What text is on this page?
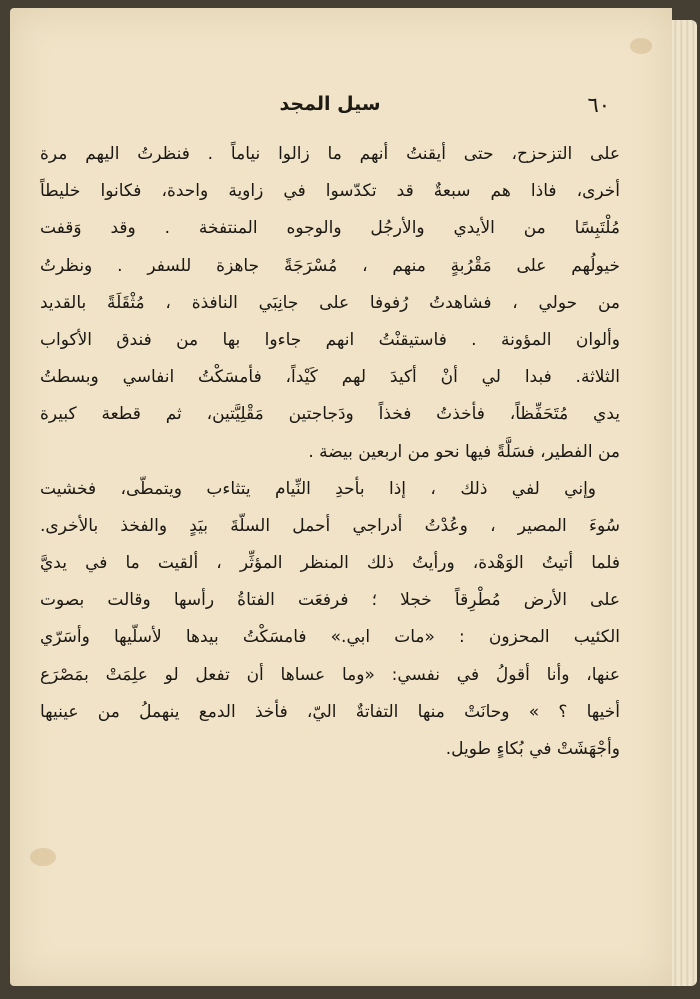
٦٠
سيل المجد
على التزحزح، حتى أيقنتُ أنهم ما زالوا نياماً . فنظرتُ اليهم مرة
أخرى، فاذا هم سبعةٌ قد تكدّسوا في زاوية واحدة، فكانوا خليطاً
مُلْتَبِسًا من الأيدي والأرجُل والوجوه المنتفخة . وقد وَقفت
خيولُهم على مَقْرُبةٍ منهم ، مُسْرَجَةً جاهزة للسفر . ونظرتُ
من حولي ، فشاهدتُ رُفوفا على جانِبَي النافذة ، مُثْقَلَةً بالقديد
وألوان المؤونة . فاستيقنْتُ انهم جاءوا بها من فندق الأكواب
الثلاثة. فبدا لي أنْ أكيدَ لهم كَيْداً، فأمسَكْتُ انفاسي وبسطتُ
يدي مُتَحَفِّظاً، فأخذتُ فخذاً ودَجاجتين مَقْلِيَّتين، ثم قطعة كبيرة
من الفطير، فسَلَّةً فيها نحو من اربعين بيضة .
وإني لفي ذلك ، إذا بأحدِ النِّيام يتثاءب ويتمطّى، فخشيت
سُوءَ المصير ، وعُدْتُ أدراجي أحمل السلّةَ بيَدٍ والفخذ بالأخرى.
فلما أتيتُ الوَهْدة، ورأيتُ ذلك المنظر المؤثِّر ، ألقيت ما في يديَّ
على الأرض مُطْرِقاً خجلا ؛ فرفعَت الفتاةُ رأسها وقالت بصوت
الكئيب المحزون : «مات ابي.» فامسَكْتُ بيدها لأسلّيها وأسَرّي
عنها، وأنا أقولُ في نفسي: «وما عساها أن تفعل لو علِمَتْ بمَصْرَع
أخيها ؟ » وحانَتْ منها التفاتةٌ اليّ، فأخذ الدمع ينهملُ من عينيها
وأجْهَشَتْ في بُكاءٍ طويل.
